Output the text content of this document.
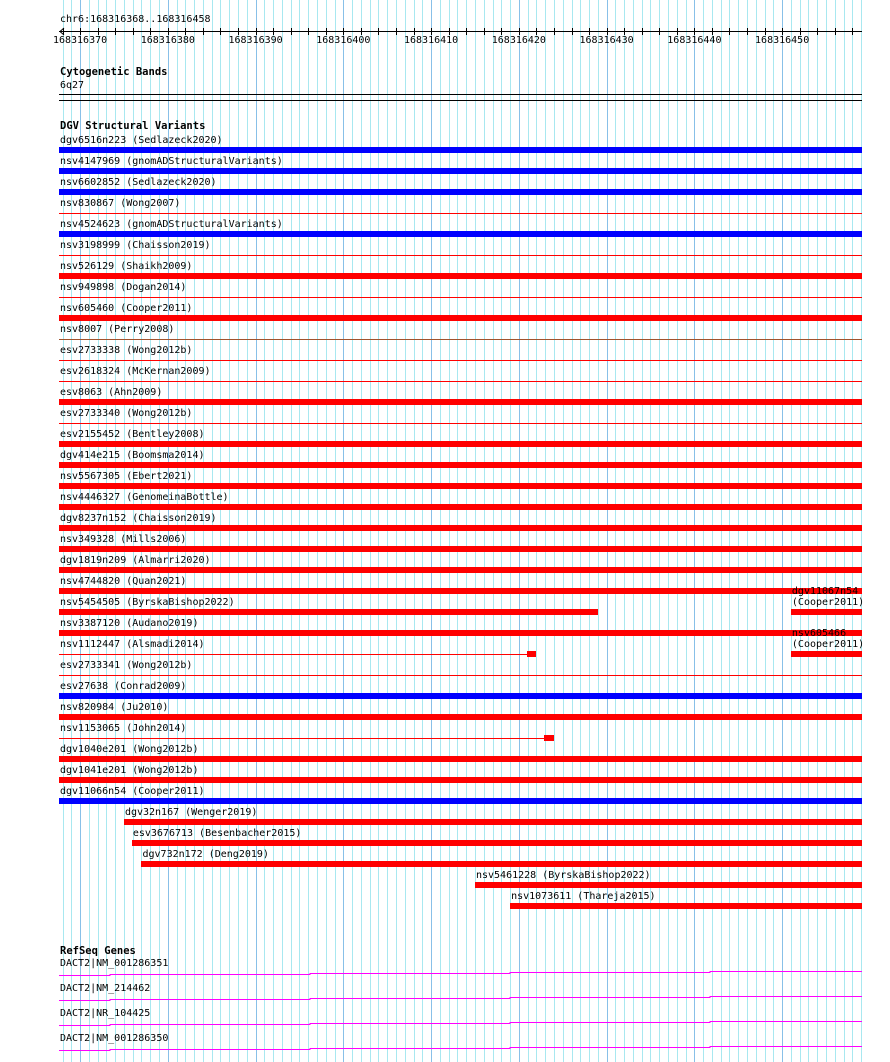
chr6:168316368..168316458
168316370	168316380	168316390	168316400	168316410	168316420	168316430	168316440	168316450
Cytogenetic Bands
6q27
DGV Structural Variants
dgv6516n223 (Sedlazeck2020)
nsv4147969 (gnomADStructuralVariants)
nsv6602852 (Sedlazeck2020)
nsv830867 (Wong2007)
nsv4524623 (gnomADStructuralVariants)
nsv3198999 (Chaisson2019)
nsv526129 (Shaikh2009)
nsv949898 (Dogan2014)
nsv605460 (Cooper2011)
nsv8007 (Perry2008)
esv2733338 (Wong2012b)
esv2618324 (McKernan2009)
esv8063 (Ahn2009)
esv2733340 (Wong2012b)
esv2155452 (Bentley2008)
dgv414e215 (Boomsma2014)
nsv5567305 (Ebert2021)
nsv4446327 (GenomeinaBottle)
dgv8237n152 (Chaisson2019)
nsv349328 (Mills2006)
dgv1819n209 (Almarri2020)
nsv4744820 (Quan2021)
nsv5454505 (ByrskaBishop2022)
dgv11067n54 (Cooper2011)
nsv3387120 (Audano2019)
nsv1112447 (Alsmadi2014)
nsv605466 (Cooper2011)
esv2733341 (Wong2012b)
esv27638 (Conrad2009)
nsv820984 (Ju2010)
nsv1153065 (John2014)
dgv1040e201 (Wong2012b)
dgv1041e201 (Wong2012b)
dgv11066n54 (Cooper2011)
dgv32n167 (Wenger2019)
esv3676713 (Besenbacher2015)
dgv732n172 (Deng2019)
nsv5461228 (ByrskaBishop2022)
nsv1073611 (Thareja2015)
RefSeq Genes
DACT2|NM_001286351
DACT2|NM_214462
DACT2|NR_104425
DACT2|NM_001286350
